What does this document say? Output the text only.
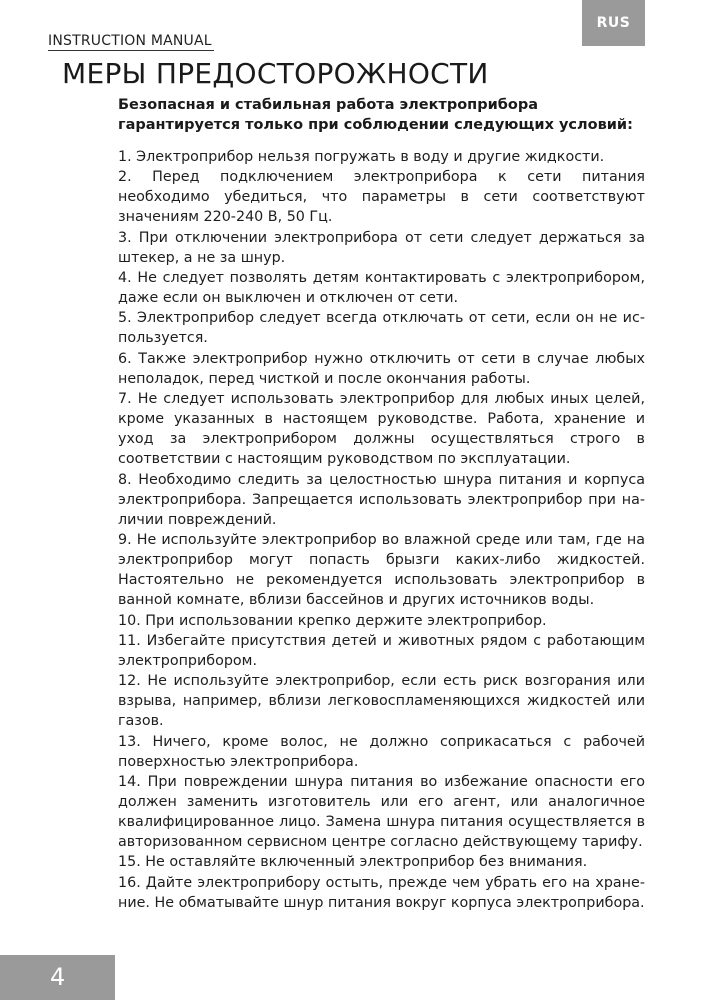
RUS
INSTRUCTION MANUAL
МЕРЫ ПРЕДОСТОРОЖНОСТИ

Безопасная и стабильная работа электроприбора гарантируется только при соблюдении следующих условий:

1. Электроприбор нельзя погружать в воду и другие жидкости.
2. Перед подключением электроприбора к сети питания необходимо убедиться, что параметры в сети соответствуют значениям 220-240 В, 50 Гц.
3. При отключении электроприбора от сети следует держаться за штекер, а не за шнур.
4. Не следует позволять детям контактировать с электроприбором, даже если он выключен и отключен от сети.
5. Электроприбор следует всегда отключать от сети, если он не используется.
6. Также электроприбор нужно отключить от сети в случае любых неполадок, перед чисткой и после окончания работы.
7. Не следует использовать электроприбор для любых иных целей, кроме указанных в настоящем руководстве. Работа, хранение и уход за электроприбором должны осуществляться строго в соответствии с настоящим руководством по эксплуатации.
8. Необходимо следить за целостностью шнура питания и корпуса электроприбора. Запрещается использовать электроприбор при наличии повреждений.
9. Не используйте электроприбор во влажной среде или там, где на электроприбор могут попасть брызги каких-либо жидкостей. Настоятельно не рекомендуется использовать электроприбор в ванной комнате, вблизи бассейнов и других источников воды.
10. При использовании крепко держите электроприбор.
11. Избегайте присутствия детей и животных рядом с работающим электроприбором.
12. Не используйте электроприбор, если есть риск возгорания или взрыва, например, вблизи легковоспламеняющихся жидкостей или газов.
13. Ничего, кроме волос, не должно соприкасаться с рабочей поверхностью электроприбора.
14. При повреждении шнура питания во избежание опасности его должен заменить изготовитель или его агент, или аналогичное квалифицированное лицо. Замена шнура питания осуществляется в авторизованном сервисном центре согласно действующему тарифу.
15. Не оставляйте включенный электроприбор без внимания.
16. Дайте электроприбору остыть, прежде чем убрать его на хранение. Не обматывайте шнур питания вокруг корпуса электроприбора.
4
